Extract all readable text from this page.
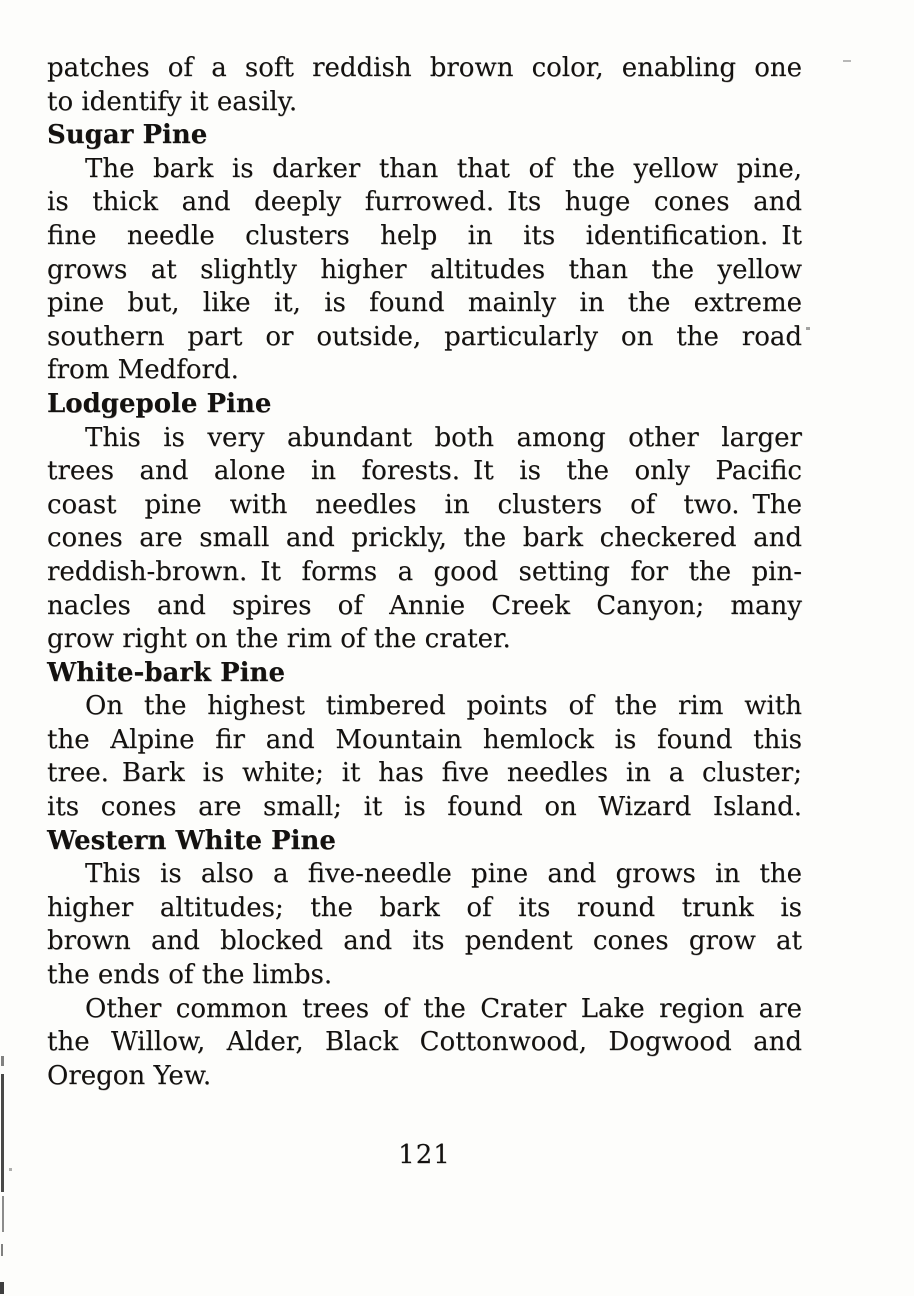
patches of a soft reddish brown color, enabling one
to identify it easily.
Sugar Pine
The bark is darker than that of the yellow pine,
is thick and deeply furrowed. Its huge cones and
fine needle clusters help in its identification. It
grows at slightly higher altitudes than the yellow
pine but, like it, is found mainly in the extreme
southern part or outside, particularly on the road
from Medford.
Lodgepole Pine
This is very abundant both among other larger
trees and alone in forests. It is the only Pacific
coast pine with needles in clusters of two. The
cones are small and prickly, the bark checkered and
reddish-brown. It forms a good setting for the pin-
nacles and spires of Annie Creek Canyon; many
grow right on the rim of the crater.
White-bark Pine
On the highest timbered points of the rim with
the Alpine fir and Mountain hemlock is found this
tree. Bark is white; it has five needles in a cluster;
its cones are small; it is found on Wizard Island.
Western White Pine
This is also a five-needle pine and grows in the
higher altitudes; the bark of its round trunk is
brown and blocked and its pendent cones grow at
the ends of the limbs.
Other common trees of the Crater Lake region are
the Willow, Alder, Black Cottonwood, Dogwood and
Oregon Yew.
121
